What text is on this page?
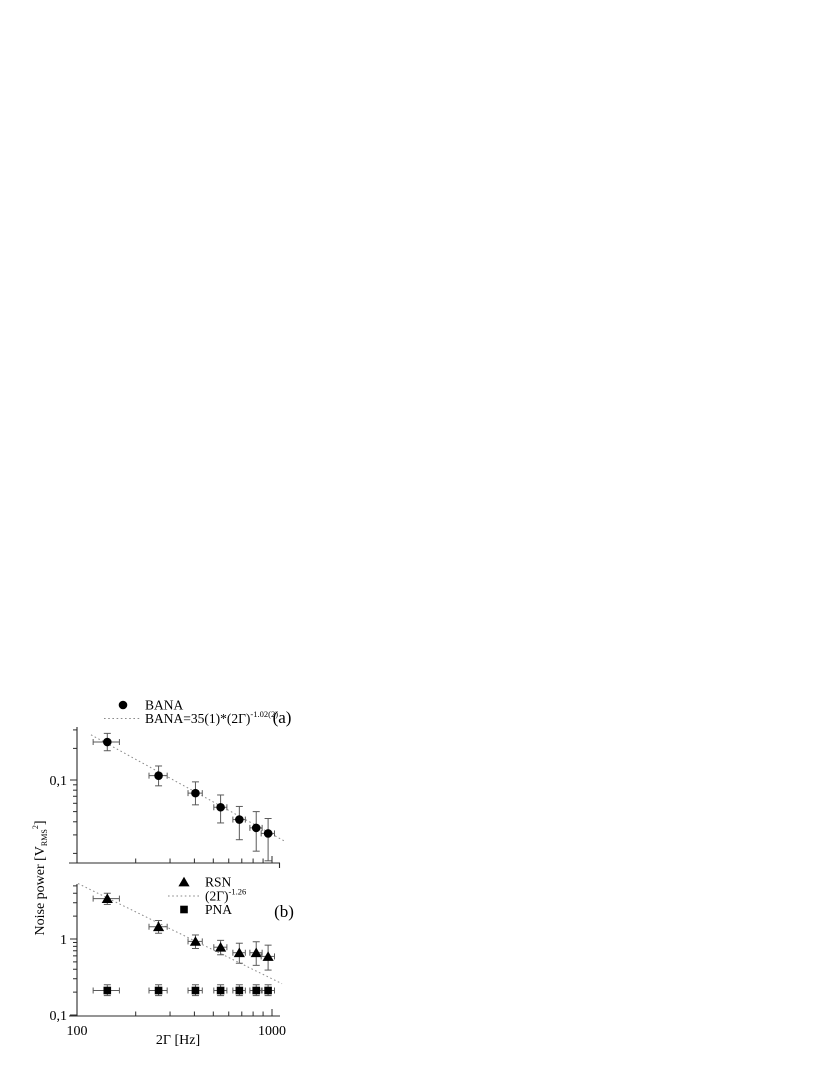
0,1
BANA
$BANA=35(1)*(2\Gamma)^{-1.02(2)}$
(a)
1
0,1
RSN
$(2\Gamma)^{-1.26}$
PNA (b)
100	1000
2Γ [Hz]
Noise power $[V_{RMS}^2]$
